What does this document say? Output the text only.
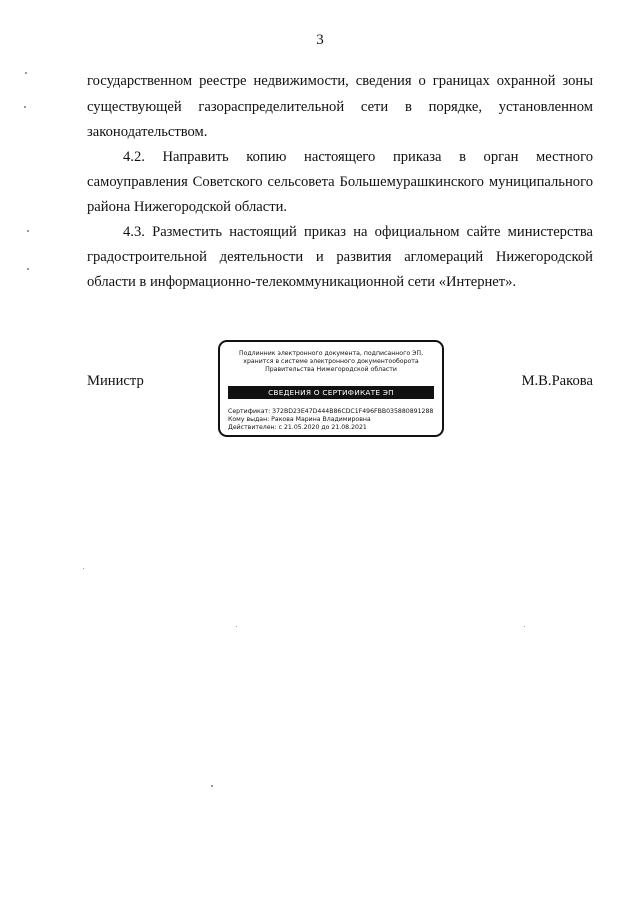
3
государственном реестре недвижимости, сведения о границах охранной зоны
существующей газораспределительной сети в порядке, установленном
законодательством.
4.2. Направить копию настоящего приказа в орган местного
самоуправления Советского сельсовета Большемурашкинского муниципального
района Нижегородской области.
4.3. Разместить настоящий приказ на официальном сайте министерства
градостроительной деятельности и развития агломераций Нижегородской
области в информационно-телекоммуникационной сети «Интернет».
Министр	М.В.Ракова
Подлинник электронного документа, подписанного ЭП,
хранится в системе электронного документооборота
Правительства Нижегородской области
СВЕДЕНИЯ О СЕРТИФИКАТЕ ЭП
Сертификат: 372BD23E47D444B86CDC1F496FBB035880891288
Кому выдан: Ракова Марина Владимировна
Действителен: с 21.05.2020 до 21.08.2021
